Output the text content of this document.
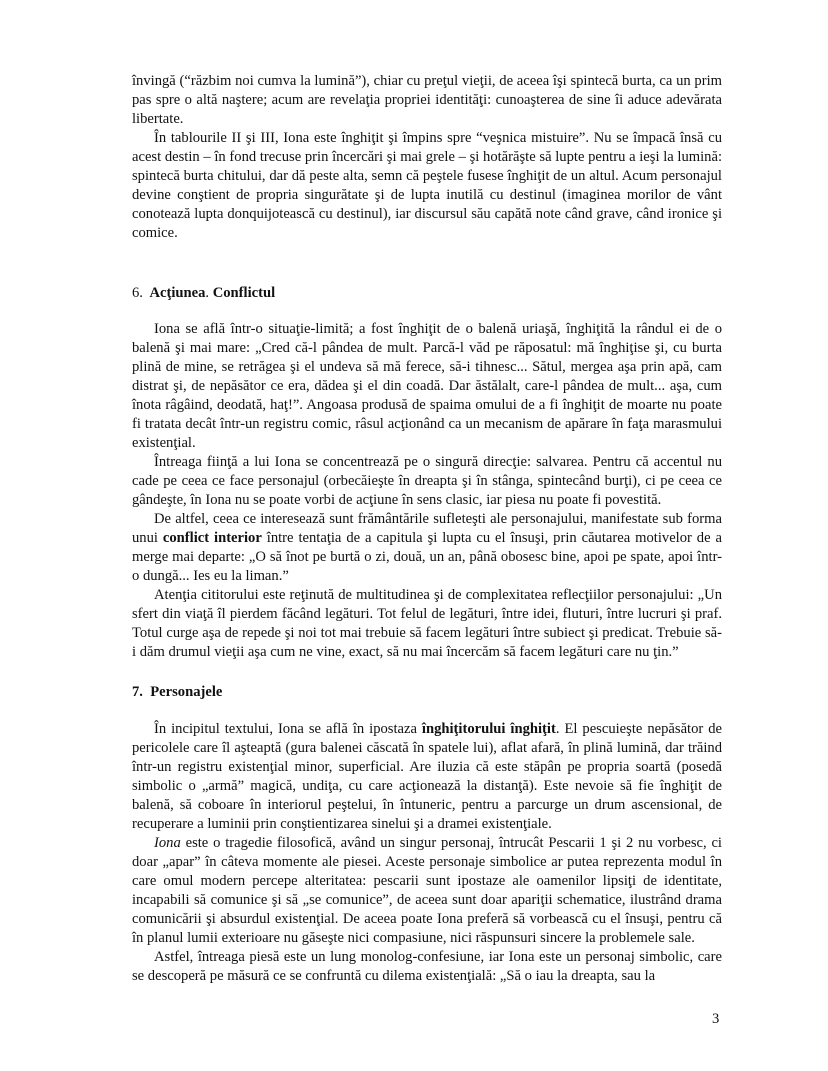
învingă (“răzbim noi cumva la lumină”), chiar cu preţul vieţii, de aceea îşi spintecă burta, ca un prim pas spre o altă naştere; acum are revelaţia propriei identităţi: cunoaşterea de sine îi aduce adevărata libertate.

În tablourile II şi III, Iona este înghiţit şi împins spre “veşnica mistuire”. Nu se împacă însă cu acest destin – în fond trecuse prin încercări şi mai grele – şi hotărăşte să lupte pentru a ieşi la lumină: spintecă burta chitului, dar dă peste alta, semn că peştele fusese înghiţit de un altul. Acum personajul devine conştient de propria singurătate şi de lupta inutilă cu destinul (imaginea morilor de vânt conotează lupta donquijotească cu destinul), iar discursul său capătă note când grave, când ironice şi comice.

6. Acţiunea. Conflictul

Iona se află într-o situaţie-limită; a fost înghiţit de o balenă uriaşă, înghiţită la rândul ei de o balenă şi mai mare: „Cred că-l pândea de mult. Parcă-l văd pe răposatul: mă înghiţise şi, cu burta plină de mine, se retrăgea şi el undeva să mă ferece, să-i tihnesc... Sătul, mergea aşa prin apă, cam distrat şi, de nepăsător ce era, dădea şi el din coadă. Dar ăstălalt, care-l pândea de mult... aşa, cum înota râgâind, deodată, haţ!”. Angoasa produsă de spaima omului de a fi înghiţit de moarte nu poate fi tratata decât într-un registru comic, râsul acţionând ca un mecanism de apărare în faţa marasmului existenţial.

Întreaga fiinţă a lui Iona se concentrează pe o singură direcţie: salvarea. Pentru că accentul nu cade pe ceea ce face personajul (orbecăieşte în dreapta şi în stânga, spintecând burţi), ci pe ceea ce gândeşte, în Iona nu se poate vorbi de acţiune în sens clasic, iar piesa nu poate fi povestită.

De altfel, ceea ce interesează sunt frământările sufleteşti ale personajului, manifestate sub forma unui conflict interior între tentaţia de a capitula şi lupta cu el însuşi, prin căutarea motivelor de a merge mai departe: „O să înot pe burtă o zi, două, un an, până obosesc bine, apoi pe spate, apoi într-o dungă... Ies eu la liman.”

Atenţia cititorului este reţinută de multitudinea şi de complexitatea reflecţiilor personajului: „Un sfert din viaţă îl pierdem făcând legături. Tot felul de legături, între idei, fluturi, între lucruri şi praf. Totul curge aşa de repede şi noi tot mai trebuie să facem legături între subiect şi predicat. Trebuie să-i dăm drumul vieţii aşa cum ne vine, exact, să nu mai încercăm să facem legături care nu ţin.”

7. Personajele

În incipitul textului, Iona se află în ipostaza înghiţitorului înghiţit. El pescuieşte nepăsător de pericolele care îl aşteaptă (gura balenei căscată în spatele lui), aflat afară, în plină lumină, dar trăind într-un registru existenţial minor, superficial. Are iluzia că este stăpân pe propria soartă (posedă simbolic o „armă” magică, undiţa, cu care acţionează la distanţă). Este nevoie să fie înghiţit de balenă, să coboare în interiorul peştelui, în întuneric, pentru a parcurge un drum ascensional, de recuperare a luminii prin conştientizarea sinelui şi a dramei existenţiale.

Iona este o tragedie filosofică, având un singur personaj, întrucât Pescarii 1 şi 2 nu vorbesc, ci doar „apar” în câteva momente ale piesei. Aceste personaje simbolice ar putea reprezenta modul în care omul modern percepe alteritatea: pescarii sunt ipostaze ale oamenilor lipsiţi de identitate, incapabili să comunice şi să „se comunice”, de aceea sunt doar apariţii schematice, ilustrând drama comunicării şi absurdul existenţial. De aceea poate Iona preferă să vorbească cu el însuşi, pentru că în planul lumii exterioare nu găseşte nici compasiune, nici răspunsuri sincere la problemele sale.

Astfel, întreaga piesă este un lung monolog-confesiune, iar Iona este un personaj simbolic, care se descoperă pe măsură ce se confruntă cu dilema existenţială: „Să o iau la dreapta, sau la

3
